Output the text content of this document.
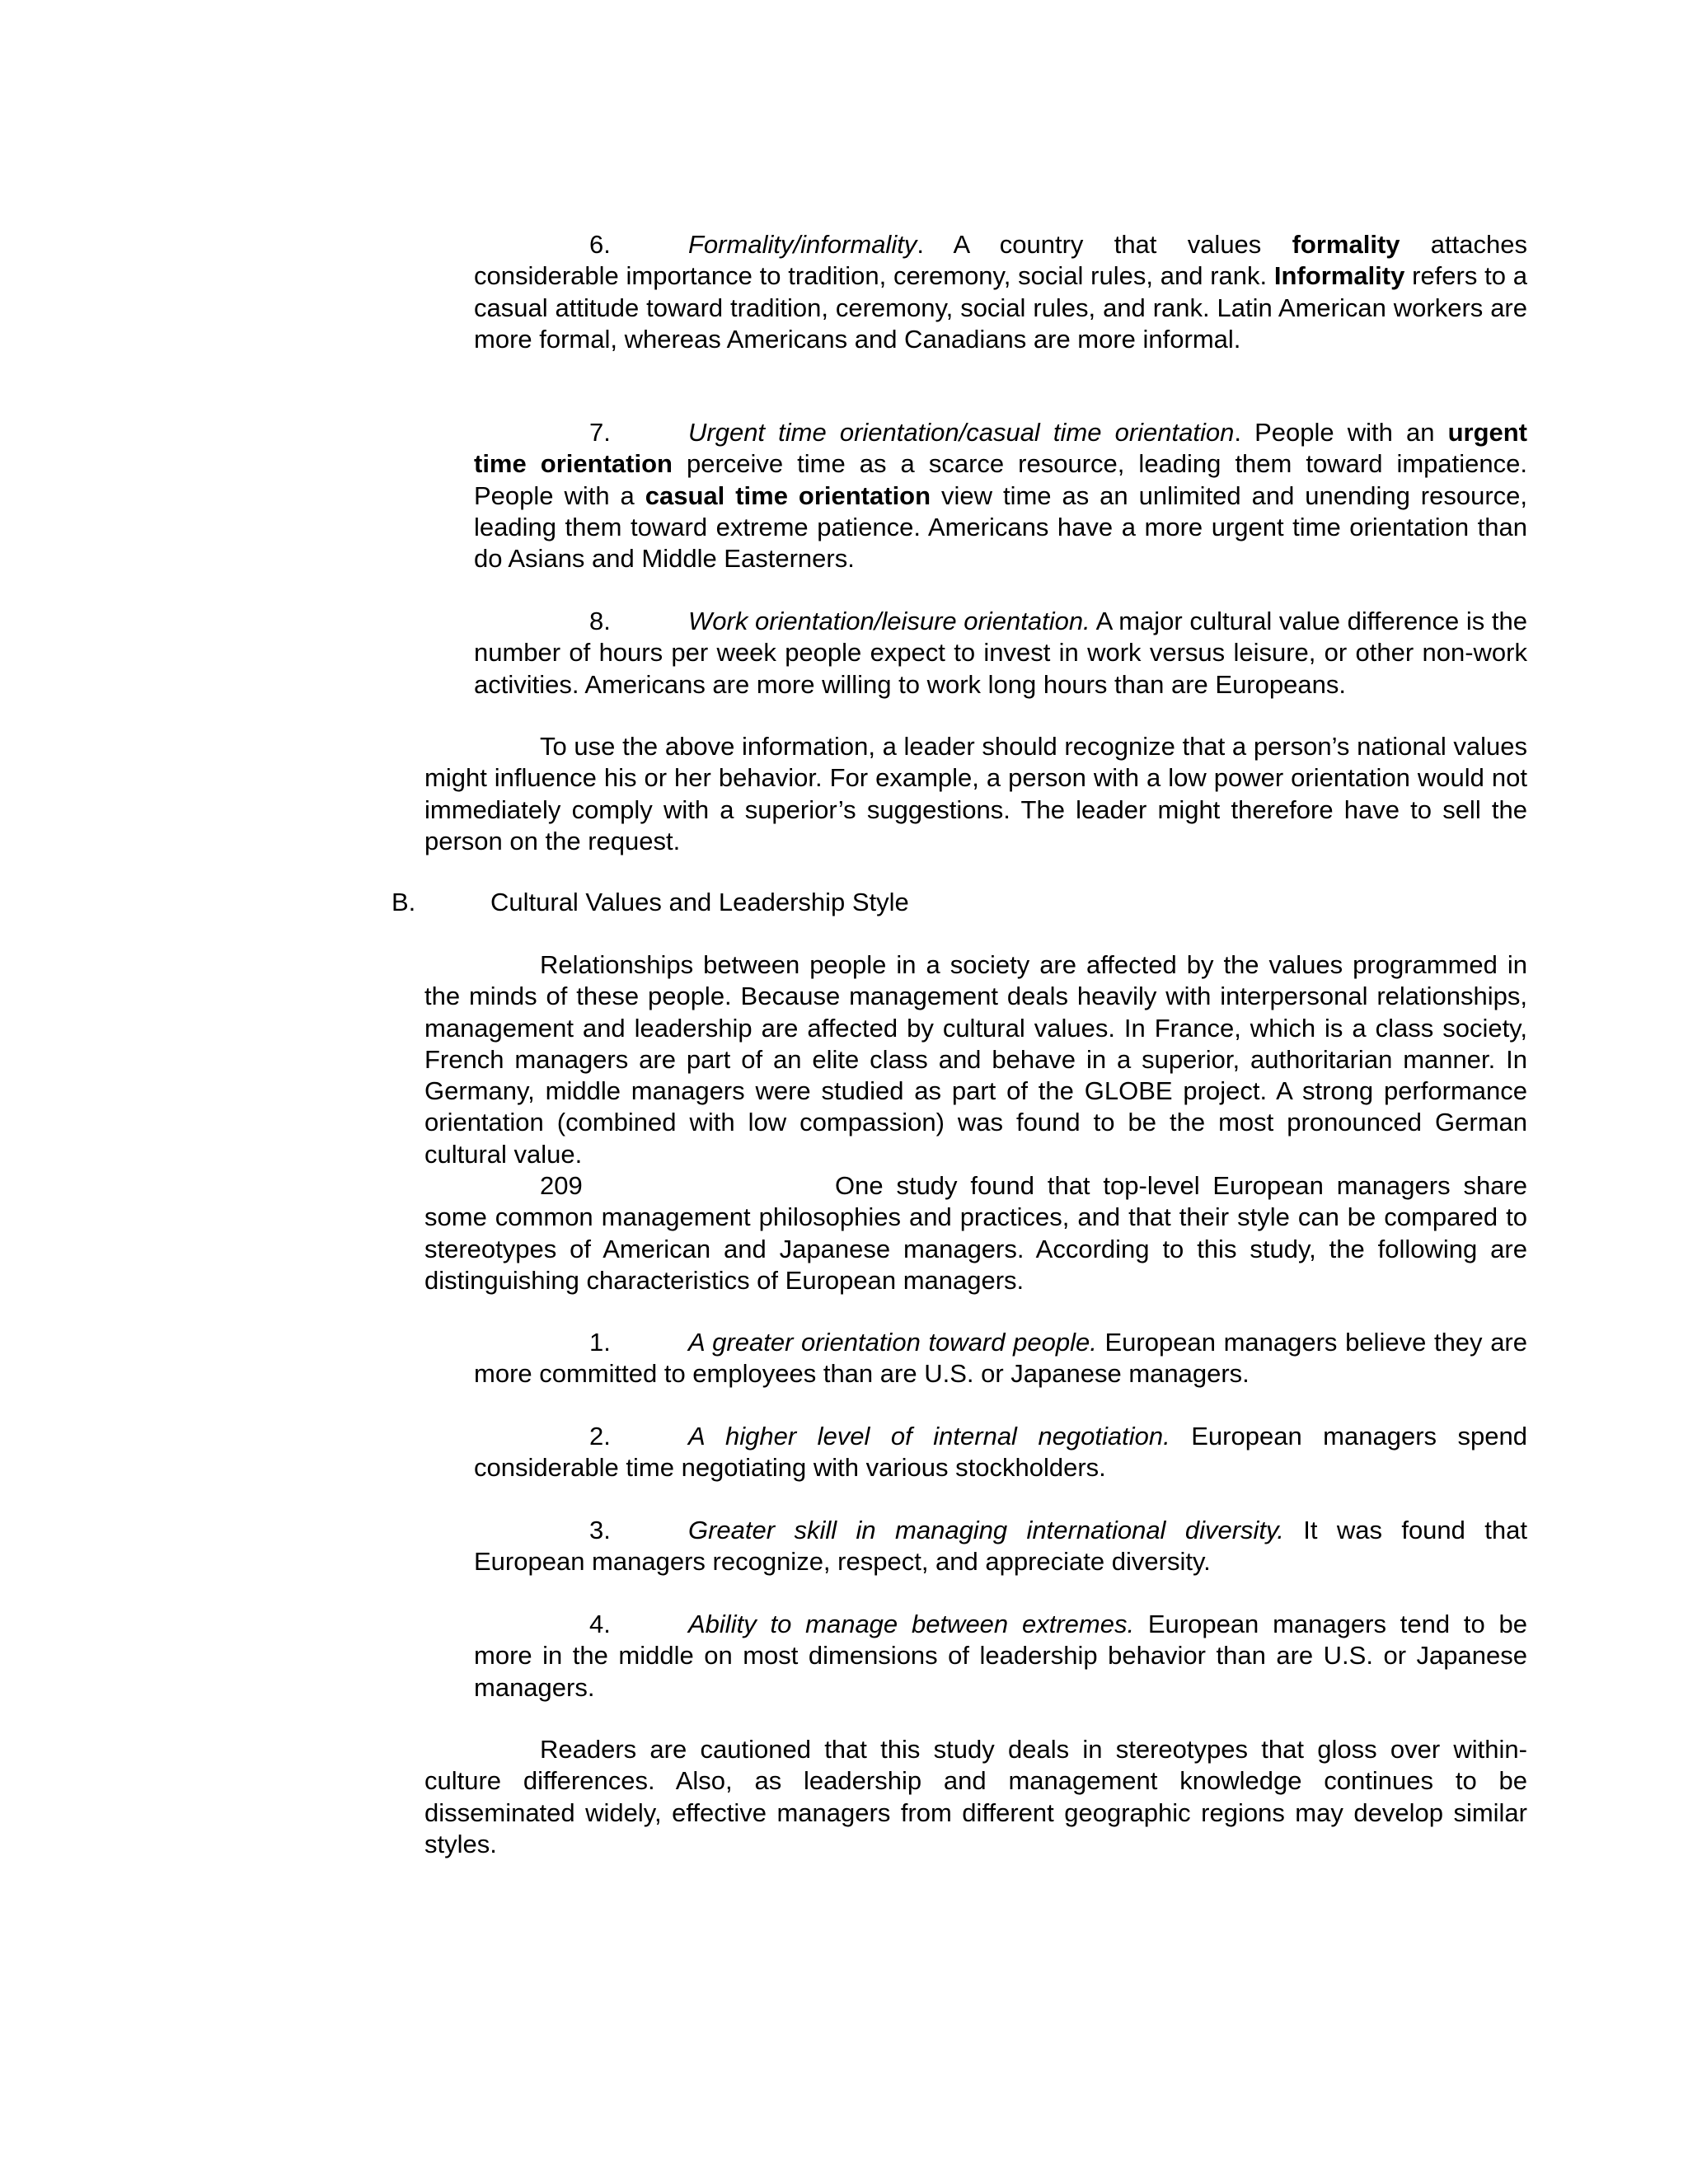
6.	Formality/informality. A country that values formality attaches considerable importance to tradition, ceremony, social rules, and rank. Informality refers to a casual attitude toward tradition, ceremony, social rules, and rank. Latin American workers are more formal, whereas Americans and Canadians are more informal.

7.	Urgent time orientation/casual time orientation. People with an urgent time orientation perceive time as a scarce resource, leading them toward impatience. People with a casual time orientation view time as an unlimited and unending resource, leading them toward extreme patience. Americans have a more urgent time orientation than do Asians and Middle Easterners.

8.	Work orientation/leisure orientation. A major cultural value difference is the number of hours per week people expect to invest in work versus leisure, or other non-work activities. Americans are more willing to work long hours than are Europeans.

To use the above information, a leader should recognize that a person’s national values might influence his or her behavior. For example, a person with a low power orientation would not immediately comply with a superior’s suggestions. The leader might therefore have to sell the person on the request.

B.	Cultural Values and Leadership Style

Relationships between people in a society are affected by the values programmed in the minds of these people. Because management deals heavily with interpersonal relationships, management and leadership are affected by cultural values. In France, which is a class society, French managers are part of an elite class and behave in a superior, authoritarian manner. In Germany, middle managers were studied as part of the GLOBE project. A strong performance orientation (combined with low compassion) was found to be the most pronounced German cultural value.

209	One study found that top-level European managers share some common management philosophies and practices, and that their style can be compared to stereotypes of American and Japanese managers. According to this study, the following are distinguishing characteristics of European managers.

1.	A greater orientation toward people. European managers believe they are more committed to employees than are U.S. or Japanese managers.

2.	A higher level of internal negotiation. European managers spend considerable time negotiating with various stockholders.

3.	Greater skill in managing international diversity. It was found that European managers recognize, respect, and appreciate diversity.

4.	Ability to manage between extremes. European managers tend to be more in the middle on most dimensions of leadership behavior than are U.S. or Japanese managers.

Readers are cautioned that this study deals in stereotypes that gloss over within-culture differences. Also, as leadership and management knowledge continues to be disseminated widely, effective managers from different geographic regions may develop similar styles.
